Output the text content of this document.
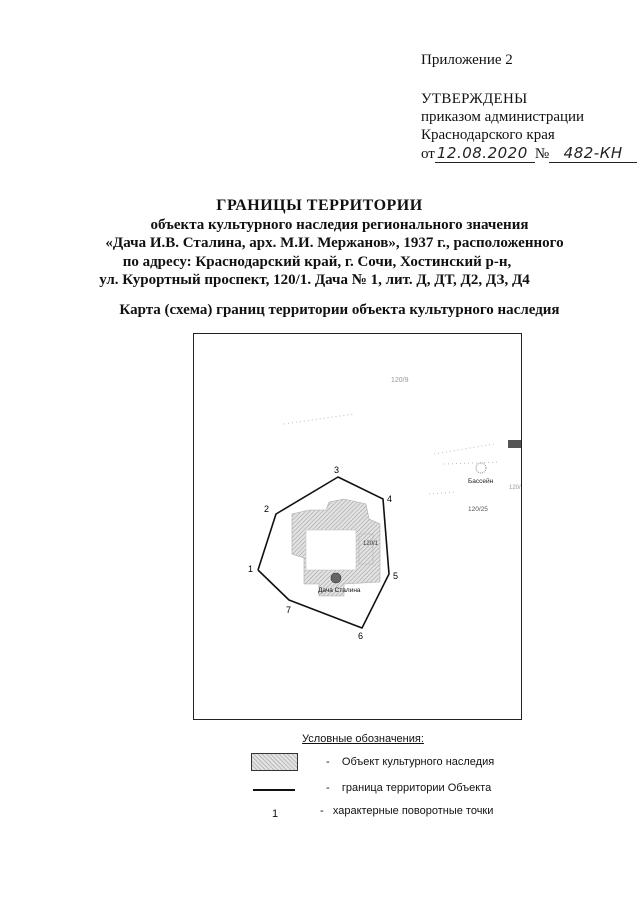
Приложение 2
УТВЕРЖДЕНЫ
приказом администрации
Краснодарского края
от 12.08.2020 № 482-КН
ГРАНИЦЫ ТЕРРИТОРИИ
объекта культурного наследия регионального значения
«Дача И.В. Сталина, арх. М.И. Мержанов», 1937 г., расположенного
по адресу: Краснодарский край, г. Сочи, Хостинский р-н,
ул. Курортный проспект, 120/1. Дача № 1, лит. Д, ДТ, Д2, ДЗ, Д4
Карта (схема) границ территории объекта культурного наследия
120/9
120/
Бассейн
120/25
120/1
Дача Сталина
1
2
3
4
5
6
7
Условные обозначения:
- Объект культурного наследия
- граница территории Объекта
1	- характерные поворотные точки
